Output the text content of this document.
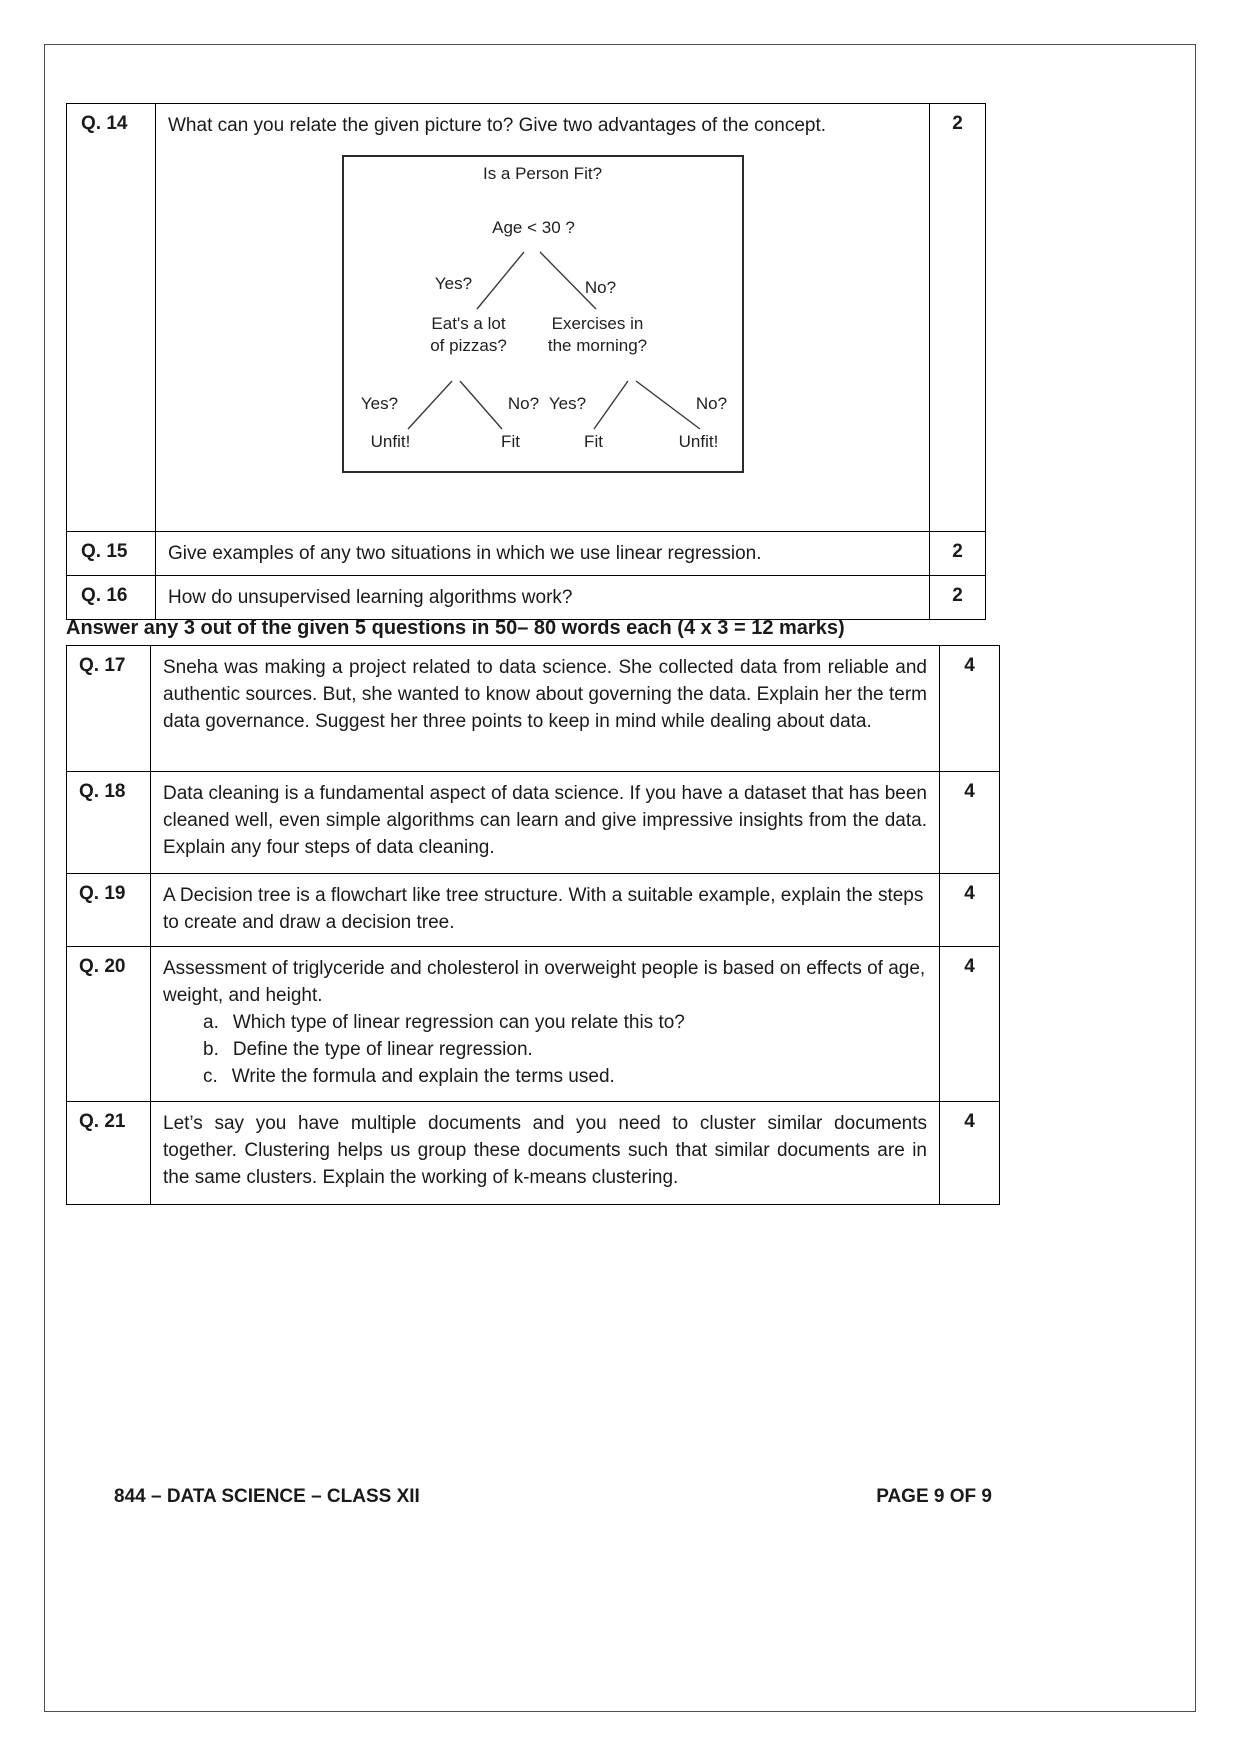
Q. 14	What can you relate the given picture to? Give two advantages of the concept.

Is a Person Fit?
Age < 30 ?
Yes?	No?
Eat's a lot
of pizzas?
Exercises in
the morning?
Yes?	No? Yes?	No?
Unfit!	Fit	Fit	Unfit!
2
Q. 15	Give examples of any two situations in which we use linear regression.	2
Q. 16	How do unsupervised learning algorithms work?	2
Answer any 3 out of the given 5 questions in 50– 80 words each (4 x 3 = 12 marks)
Q. 17	Sneha was making a project related to data science. She collected data from reliable and authentic sources. But, she wanted to know about governing the data. Explain her the term data governance. Suggest her three points to keep in mind while dealing about data.

4
Q. 18	Data cleaning is a fundamental aspect of data science. If you have a dataset that has been cleaned well, even simple algorithms can learn and give impressive insights from the data. Explain any four steps of data cleaning.

4
Q. 19	A Decision tree is a flowchart like tree structure. With a suitable example, explain the steps to create and draw a decision tree.

4
Q. 20	Assessment of triglyceride and cholesterol in overweight people is based on effects of age, weight, and height.

a. Which type of linear regression can you relate this to?
b. Define the type of linear regression.
c. Write the formula and explain the terms used.
4
Q. 21	Let’s say you have multiple documents and you need to cluster similar documents together. Clustering helps us group these documents such that similar documents are in the same clusters. Explain the working of k-means clustering.

4
844 – DATA SCIENCE – CLASS XII	PAGE 9 OF 9
